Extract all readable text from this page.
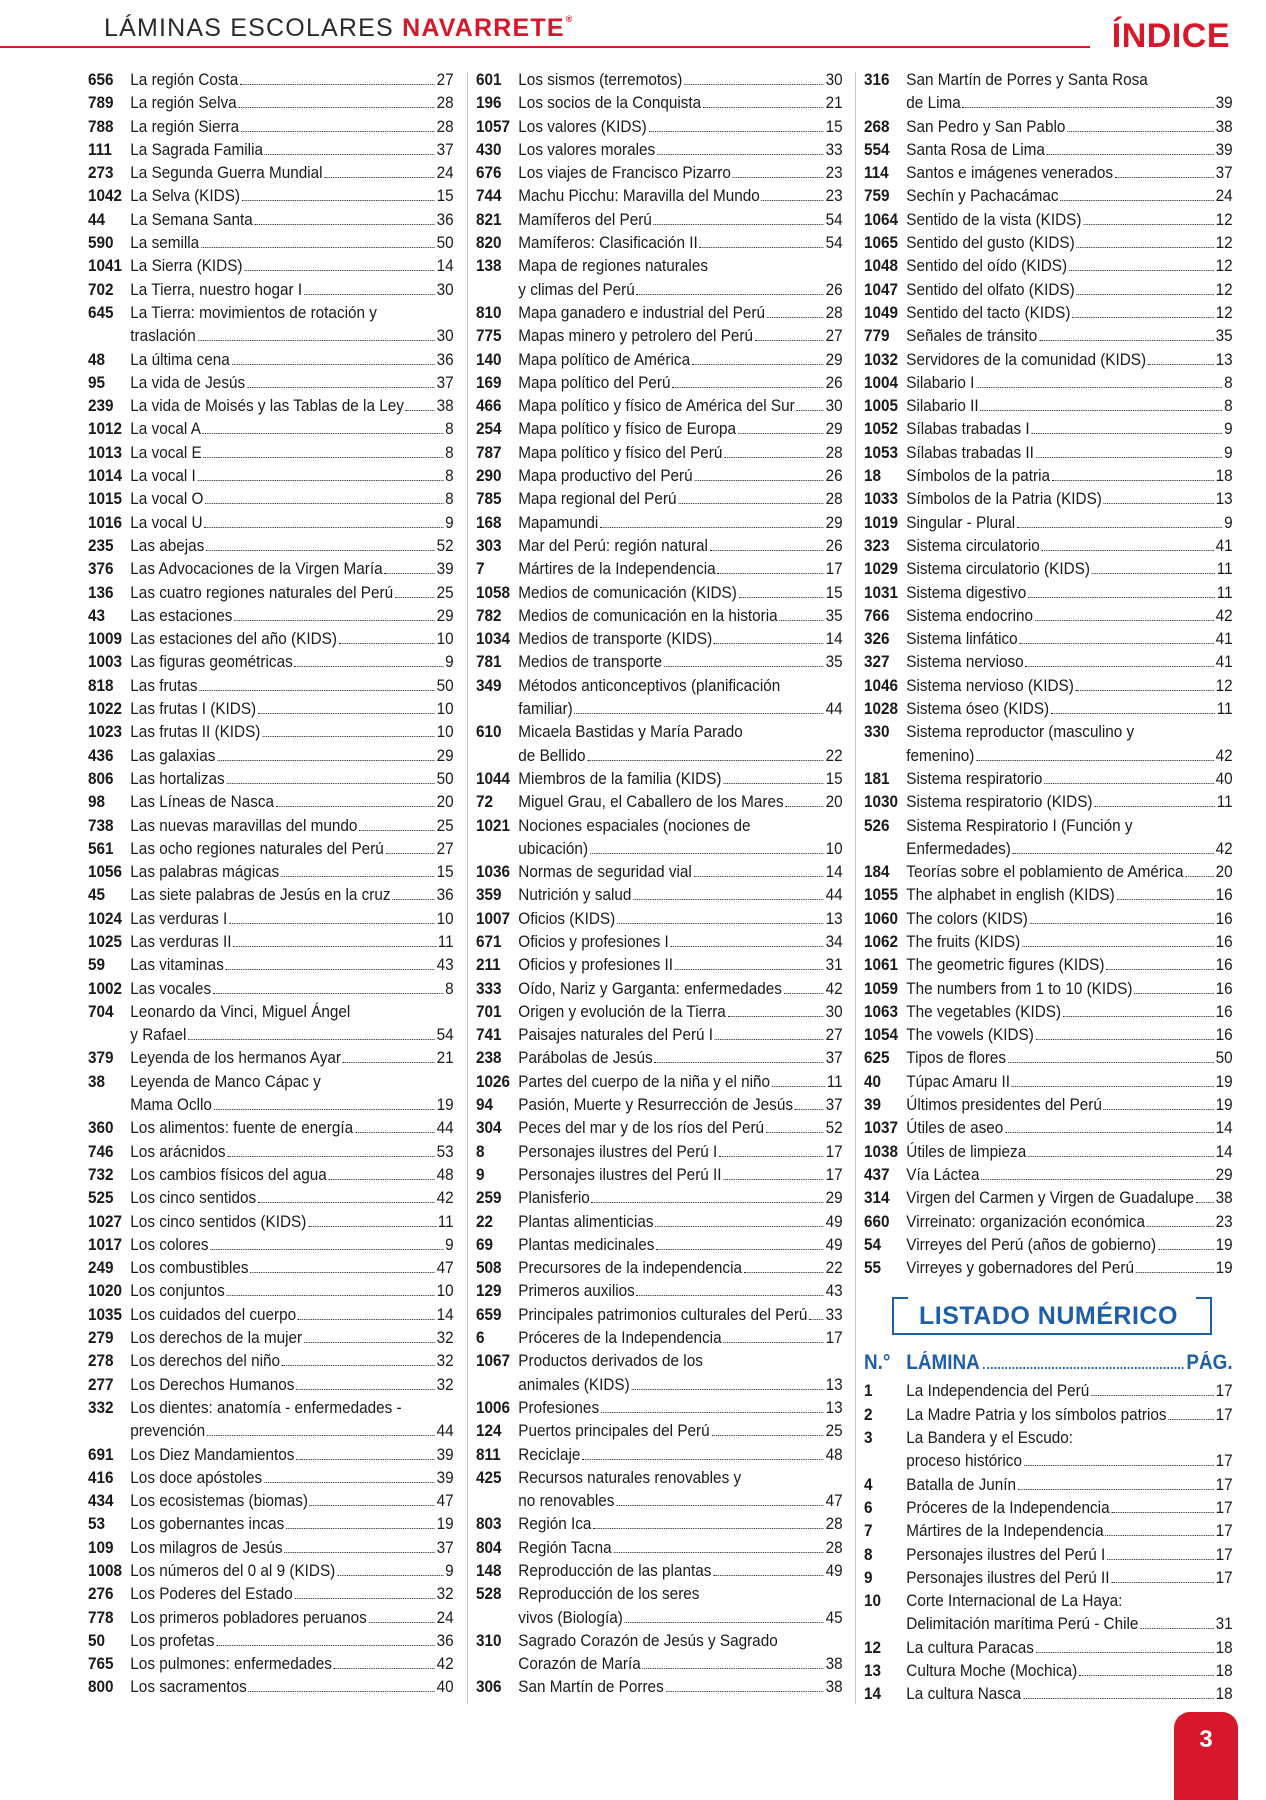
LÁMINAS ESCOLARES NAVARRETE®	ÍNDICE
656 La región Costa	27
789 La región Selva	28
788 La región Sierra	28
111	La Sagrada Familia	37
273 La Segunda Guerra Mundial	24
1042 La Selva (KIDS)	15
44	La Semana Santa	36
590 La semilla	50
1041 La Sierra (KIDS)	14
702 La Tierra, nuestro hogar I	30
645 La Tierra: movimientos de rotación y
traslación	30
48	La última cena	36
95	La vida de Jesús	37
239 La vida de Moisés y las Tablas de la Ley 38
1012 La vocal A	8
1013 La vocal E	8
1014 La vocal I	8
1015 La vocal O	8
1016 La vocal U	9
235 Las abejas	52
376 Las Advocaciones de la Virgen María	39
136 Las cuatro regiones naturales del Perú	25
43	Las estaciones	29
1009 Las estaciones del año (KIDS)	10
1003 Las figuras geométricas	9
818 Las frutas	50
1022 Las frutas I (KIDS)	10
1023 Las frutas II (KIDS)	10
436 Las galaxias	29
806 Las hortalizas	50
98	Las Líneas de Nasca	20
738 Las nuevas maravillas del mundo	25
561 Las ocho regiones naturales del Perú	27
1056 Las palabras mágicas	15
45	Las siete palabras de Jesús en la cruz	36
1024 Las verduras I	10
1025 Las verduras II	11
59	Las vitaminas	43
1002 Las vocales	8
704 Leonardo da Vinci, Miguel Ángel
y Rafael	54
379 Leyenda de los hermanos Ayar	21
38	Leyenda de Manco Cápac y
Mama Ocllo	19
360 Los alimentos: fuente de energía	44
746 Los arácnidos	53
732 Los cambios físicos del agua	48
525 Los cinco sentidos	42
1027 Los cinco sentidos (KIDS)	11
1017 Los colores	9
249 Los combustibles	47
1020 Los conjuntos	10
1035 Los cuidados del cuerpo	14
279 Los derechos de la mujer	32
278 Los derechos del niño	32
277 Los Derechos Humanos	32
332 Los dientes: anatomía - enfermedades -
prevención	44
691 Los Diez Mandamientos	39
416 Los doce apóstoles	39
434 Los ecosistemas (biomas)	47
53	Los gobernantes incas	19
109 Los milagros de Jesús	37
1008 Los números del 0 al 9 (KIDS)	9
276 Los Poderes del Estado	32
778 Los primeros pobladores peruanos	24
50	Los profetas	36
765 Los pulmones: enfermedades	42
800 Los sacramentos	40
601 Los sismos (terremotos)	30
196 Los socios de la Conquista	21
1057 Los valores (KIDS)	15
430 Los valores morales	33
676 Los viajes de Francisco Pizarro	23
744 Machu Picchu: Maravilla del Mundo	23
821 Mamíferos del Perú	54
820 Mamíferos: Clasificación II	54
138 Mapa de regiones naturales
y climas del Perú	26
810 Mapa ganadero e industrial del Perú	28
775 Mapas minero y petrolero del Perú	27
140 Mapa político de América	29
169 Mapa político del Perú	26
466 Mapa político y físico de América del Sur 30
254 Mapa político y físico de Europa	29
787 Mapa político y físico del Perú	28
290 Mapa productivo del Perú	26
785 Mapa regional del Perú	28
168 Mapamundi	29
303 Mar del Perú: región natural	26
7	Mártires de la Independencia	17
1058 Medios de comunicación (KIDS)	15
782 Medios de comunicación en la historia	35
1034 Medios de transporte (KIDS)	14
781 Medios de transporte	35
349 Métodos anticonceptivos (planificación
familiar)	44
610 Micaela Bastidas y María Parado
de Bellido	22
1044 Miembros de la familia (KIDS)	15
72	Miguel Grau, el Caballero de los Mares 20
1021 Nociones espaciales (nociones de
ubicación)	10
1036 Normas de seguridad vial	14
359 Nutrición y salud	44
1007 Oficios (KIDS)	13
671 Oficios y profesiones I	34
211	Oficios y profesiones II	31
333 Oído, Nariz y Garganta: enfermedades	42
701 Origen y evolución de la Tierra	30
741 Paisajes naturales del Perú I	27
238 Parábolas de Jesús	37
1026 Partes del cuerpo de la niña y el niño	11
94	Pasión, Muerte y Resurrección de Jesús 37
304 Peces del mar y de los ríos del Perú	52
8	Personajes ilustres del Perú I	17
9	Personajes ilustres del Perú II	17
259 Planisferio	29
22	Plantas alimenticias	49
69	Plantas medicinales	49
508 Precursores de la independencia	22
129 Primeros auxilios	43
659 Principales patrimonios culturales del Perú 33
6	Próceres de la Independencia	17
1067 Productos derivados de los
animales (KIDS)	13
1006 Profesiones	13
124 Puertos principales del Perú	25
811	Reciclaje	48
425 Recursos naturales renovables y
no renovables	47
803 Región Ica	28
804 Región Tacna	28
148 Reproducción de las plantas	49
528 Reproducción de los seres
vivos (Biología)	45
310 Sagrado Corazón de Jesús y Sagrado
Corazón de María	38
306 San Martín de Porres	38
316 San Martín de Porres y Santa Rosa
de Lima	39
268 San Pedro y San Pablo	38
554 Santa Rosa de Lima	39
114	Santos e imágenes venerados	37
759 Sechín y Pachacámac	24
1064 Sentido de la vista (KIDS)	12
1065 Sentido del gusto (KIDS)	12
1048 Sentido del oído (KIDS)	12
1047 Sentido del olfato (KIDS)	12
1049 Sentido del tacto (KIDS)	12
779 Señales de tránsito	35
1032 Servidores de la comunidad (KIDS)	13
1004 Silabario I	8
1005 Silabario II	8
1052 Sílabas trabadas I	9
1053 Sílabas trabadas II	9
18	Símbolos de la patria	18
1033 Símbolos de la Patria (KIDS)	13
1019 Singular - Plural	9
323 Sistema circulatorio	41
1029 Sistema circulatorio (KIDS)	11
1031 Sistema digestivo	11
766 Sistema endocrino	42
326 Sistema linfático	41
327 Sistema nervioso	41
1046 Sistema nervioso (KIDS)	12
1028 Sistema óseo (KIDS)	11
330 Sistema reproductor (masculino y
femenino)	42
181 Sistema respiratorio	40
1030 Sistema respiratorio (KIDS)	11
526 Sistema Respiratorio I (Función y
Enfermedades)	42
184 Teorías sobre el poblamiento de América 20
1055 The alphabet in english (KIDS)	16
1060 The colors (KIDS)	16
1062 The fruits (KIDS)	16
1061 The geometric figures (KIDS)	16
1059 The numbers from 1 to 10 (KIDS)	16
1063 The vegetables (KIDS)	16
1054 The vowels (KIDS)	16
625 Tipos de flores	50
40	Túpac Amaru II	19
39	Últimos presidentes del Perú	19
1037 Útiles de aseo	14
1038 Útiles de limpieza	14
437 Vía Láctea	29
314 Virgen del Carmen y Virgen de Guadalupe 38
660 Virreinato: organización económica	23
54	Virreyes del Perú (años de gobierno)	19
55	Virreyes y gobernadores del Perú	19
LISTADO NUMÉRICO
N.° LÁMINA	PÁG.
1	La Independencia del Perú	17
2	La Madre Patria y los símbolos patrios	17
3	La Bandera y el Escudo:
proceso histórico	17
4	Batalla de Junín	17
6	Próceres de la Independencia	17
7	Mártires de la Independencia	17
8	Personajes ilustres del Perú I	17
9	Personajes ilustres del Perú II	17
10	Corte Internacional de La Haya:
Delimitación marítima Perú - Chile	31
12	La cultura Paracas	18
13	Cultura Moche (Mochica)	18
14	La cultura Nasca	18
3
